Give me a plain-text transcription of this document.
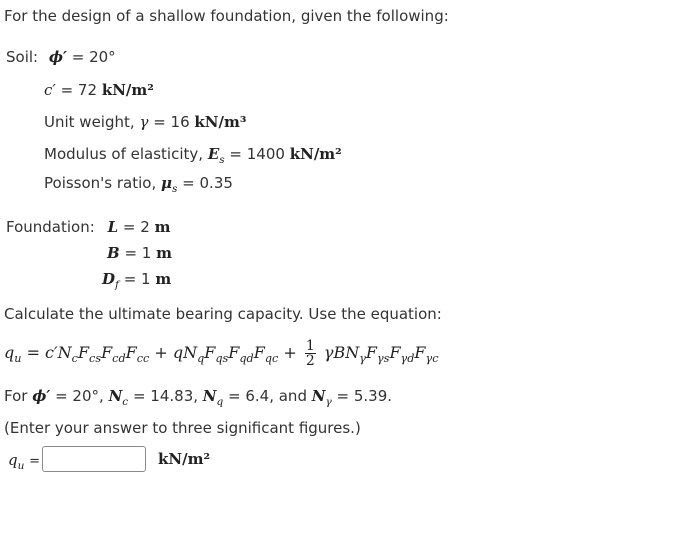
For the design of a shallow foundation, given the following:
Soil: ϕ′ = 20°
c′ = 72 kN/m²
Unit weight, γ = 16 kN/m³
Modulus of elasticity, $E_s = 1400$ kN/m²
Poisson's ratio, $\mu_s = 0.35$
Foundation: L = 2 m
B = 1 m
$D_f = 1$ m
Calculate the ultimate bearing capacity. Use the equation:
$q_u = c'N_cF_{cs}F_{cd}F_{cc} + qN_qF_{qs}F_{qd}F_{qc} + \frac{1}{2} \gamma BN_\gamma F_{\gamma s}F_{\gamma d}F_{\gamma c}$
For ϕ′ = 20°, $N_c = 14.83$, $N_q = 6.4$, and $N_\gamma = 5.39$.
(Enter your answer to three significant figures.)
$q_u$ =	kN/m²
